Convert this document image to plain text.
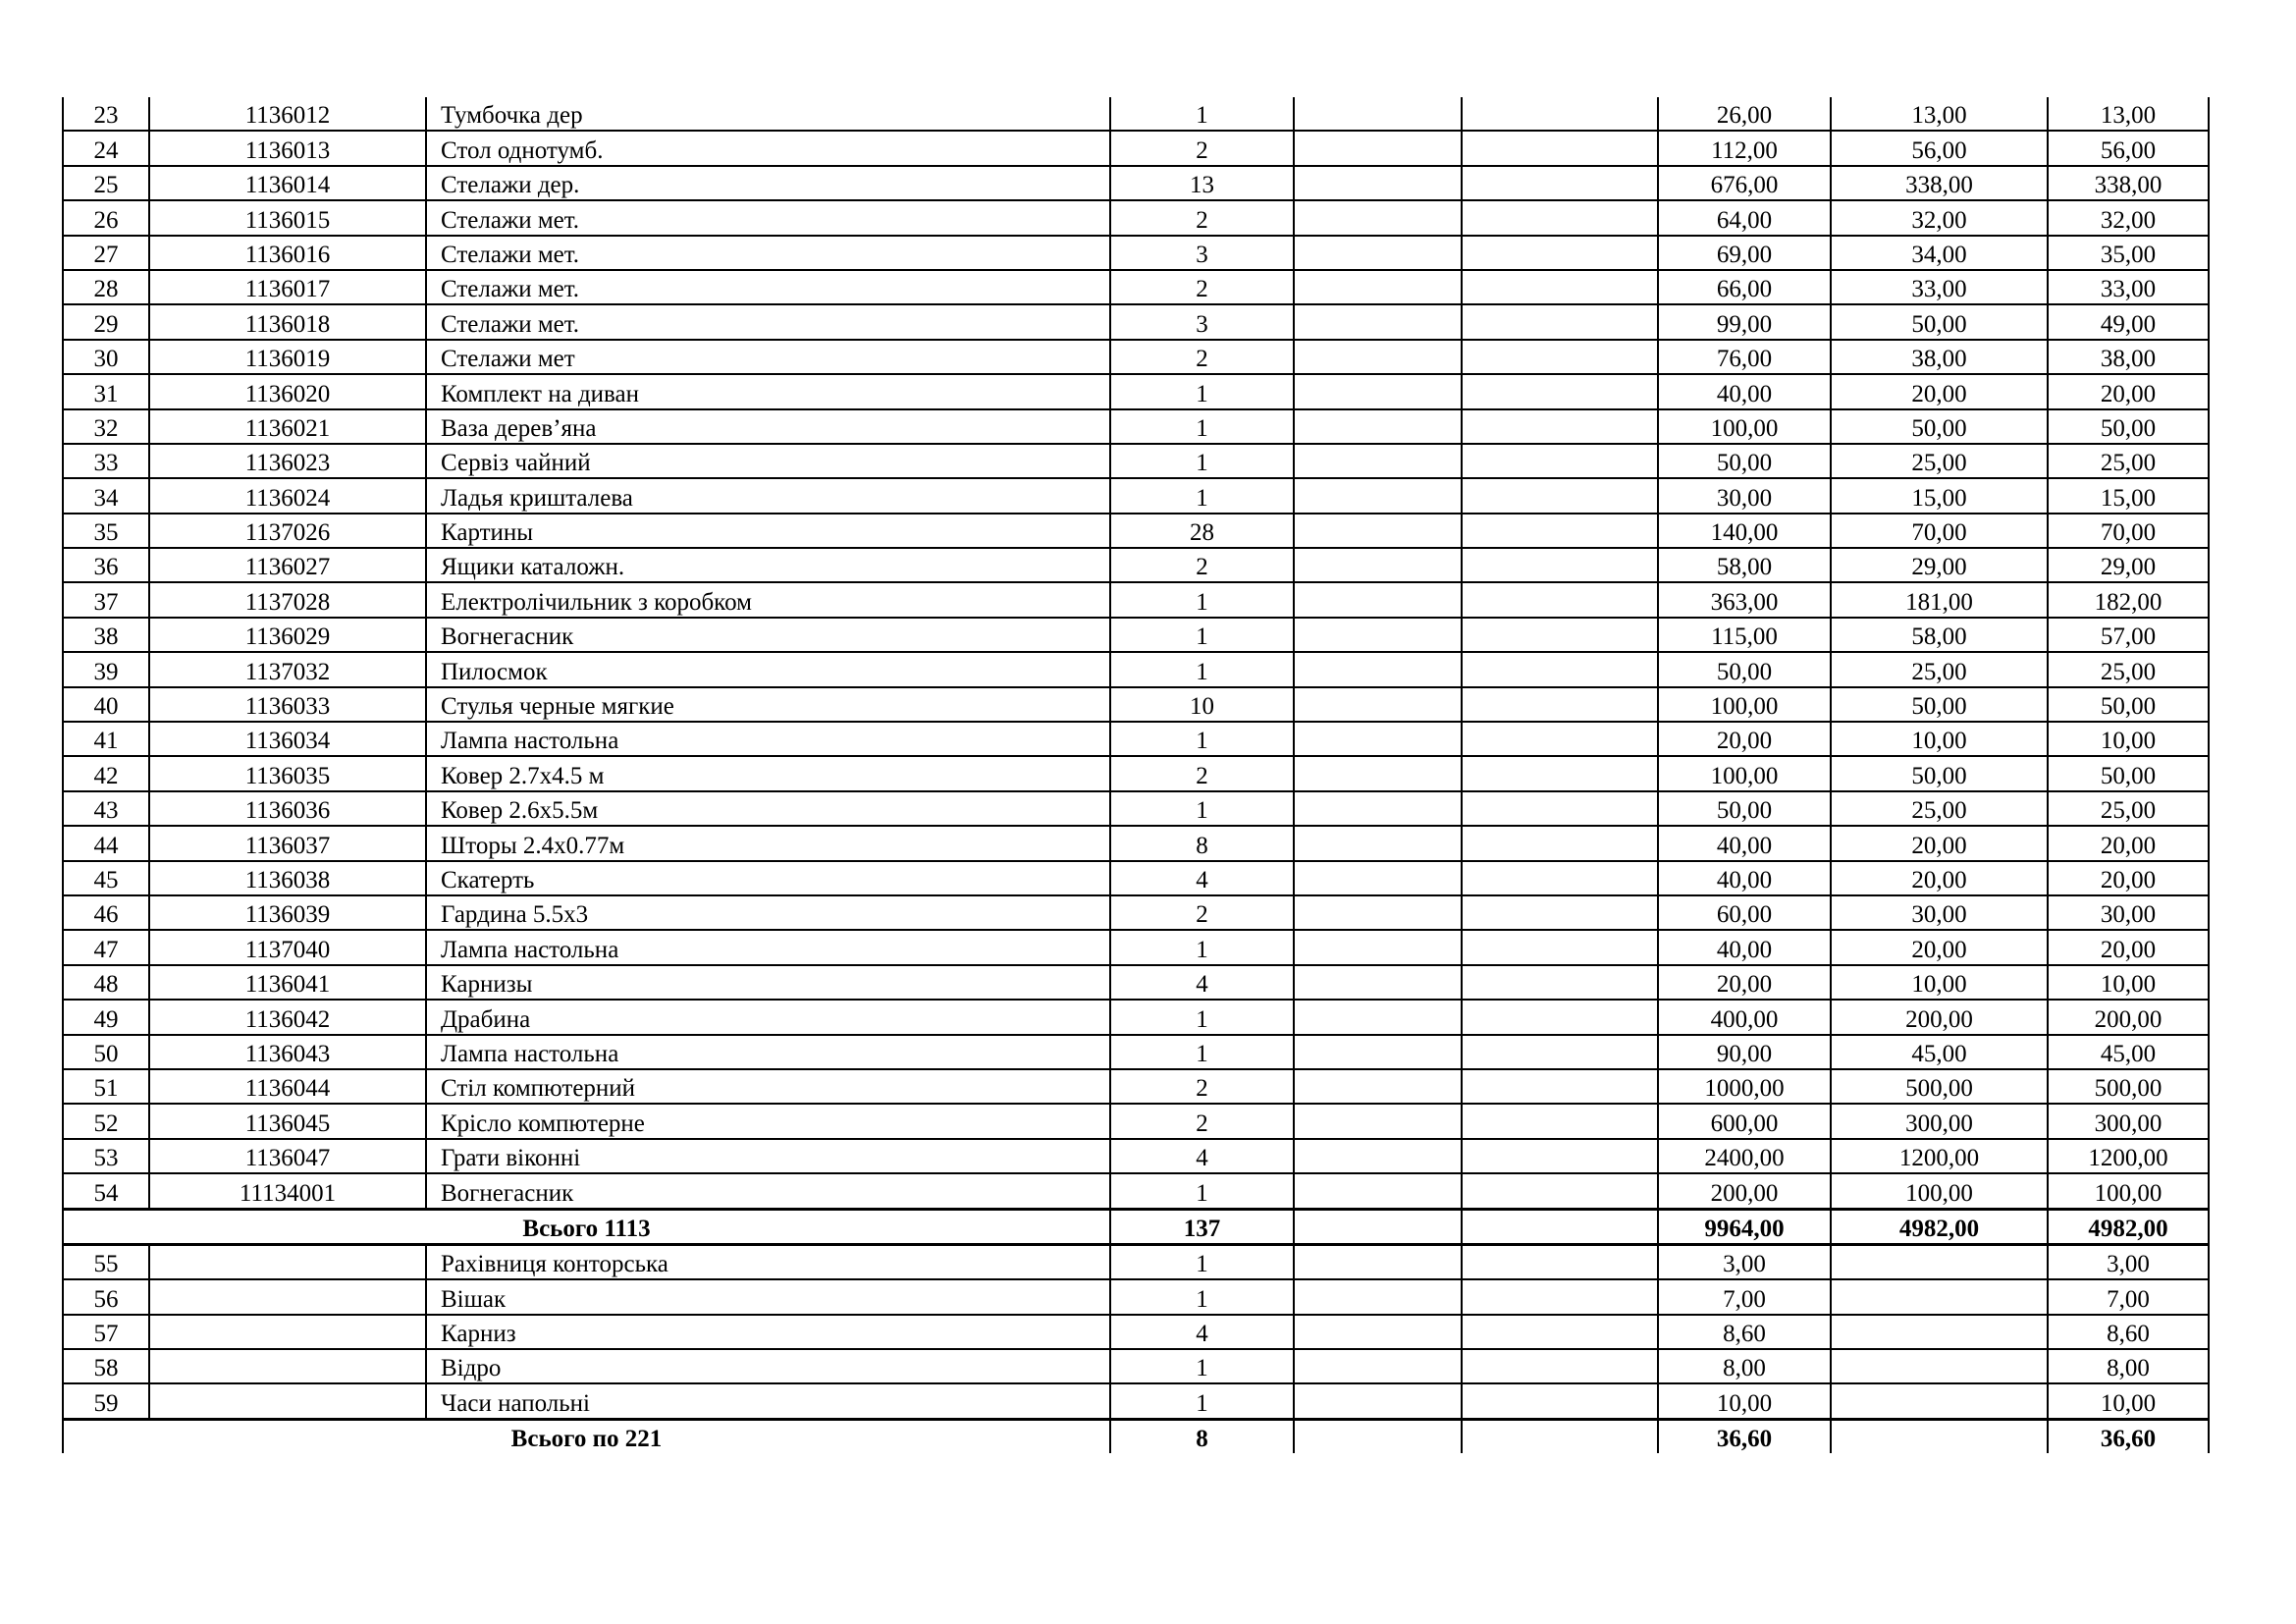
23	1136012	Тумбочка дер	1			26,00	13,00	13,00
24	1136013	Стол однотумб.	2			112,00	56,00	56,00
25	1136014	Стелажи дер.	13			676,00	338,00	338,00
26	1136015	Стелажи мет.	2			64,00	32,00	32,00
27	1136016	Стелажи мет.	3			69,00	34,00	35,00
28	1136017	Стелажи мет.	2			66,00	33,00	33,00
29	1136018	Стелажи мет.	3			99,00	50,00	49,00
30	1136019	Стелажи мет	2			76,00	38,00	38,00
31	1136020	Комплект на диван	1			40,00	20,00	20,00
32	1136021	Ваза дерев’яна	1			100,00	50,00	50,00
33	1136023	Сервіз чайний	1			50,00	25,00	25,00
34	1136024	Ладья кришталева	1			30,00	15,00	15,00
35	1137026	Картины	28			140,00	70,00	70,00
36	1136027	Ящики каталожн.	2			58,00	29,00	29,00
37	1137028	Електролічильник з коробком	1			363,00	181,00	182,00
38	1136029	Вогнегасник	1			115,00	58,00	57,00
39	1137032	Пилосмок	1			50,00	25,00	25,00
40	1136033	Стулья черные мягкие	10			100,00	50,00	50,00
41	1136034	Лампа настольна	1			20,00	10,00	10,00
42	1136035	Ковер 2.7х4.5 м	2			100,00	50,00	50,00
43	1136036	Ковер 2.6х5.5м	1			50,00	25,00	25,00
44	1136037	Шторы 2.4х0.77м	8			40,00	20,00	20,00
45	1136038	Скатерть	4			40,00	20,00	20,00
46	1136039	Гардина 5.5х3	2			60,00	30,00	30,00
47	1137040	Лампа настольна	1			40,00	20,00	20,00
48	1136041	Карнизы	4			20,00	10,00	10,00
49	1136042	Драбина	1			400,00	200,00	200,00
50	1136043	Лампа настольна	1			90,00	45,00	45,00
51	1136044	Стіл компютерний	2			1000,00	500,00	500,00
52	1136045	Крісло компютерне	2			600,00	300,00	300,00
53	1136047	Грати віконні	4			2400,00	1200,00	1200,00
54	11134001	Вогнегасник	1			200,00	100,00	100,00
Всього 1113			137			9964,00	4982,00	4982,00
55		Рахівниця конторська	1			3,00		3,00
56		Вішак	1			7,00		7,00
57		Карниз	4			8,60		8,60
58		Відро	1			8,00		8,00
59		Часи напольні	1			10,00		10,00
Всього по 221			8			36,60		36,60
